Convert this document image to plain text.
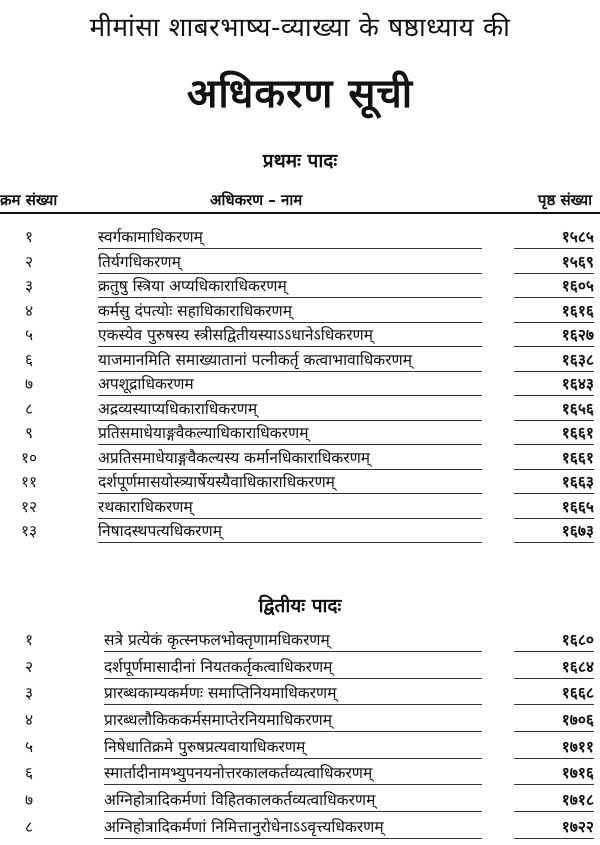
मीमांसा शाबरभाष्य-व्याख्या के षष्ठाध्याय की
अधिकरण सूची
प्रथमः पादः
क्रम संख्या	अधिकरण – नाम	पृष्ठ संख्या
१	स्वर्गकामाधिकरणम्	१५८५
२	तिर्यगधिकरणम्	१५६९
३	क्रतुषु स्त्रिया अप्यधिकाराधिकरणम्	१६०५
४	कर्मसु दंपत्योः सहाधिकाराधिकरणम्	१६१६
५	एकस्येव पुरुषस्य स्त्रीसद्वितीयस्याऽऽधानेऽधिकरणम्	१६२७
६	याजमानमिति समाख्यातानां पत्नीकर्तृ कत्वाभावाधिकरणम्	१६३८
७	अपशूद्राधिकरणम	१६४३
८	अद्रव्यस्याप्यधिकाराधिकरणम्	१६५६
९	प्रतिसमाधेयाङ्गवैकल्याधिकाराधिकरणम्	१६६१
१०	अप्रतिसमाधेयाङ्गवैकल्यस्य कर्मानधिकाराधिकरणम्	१६६१
११	दर्शपूर्णमासयोस्त्र्यार्षेयस्यैवाधिकाराधिकरणम्	१६६३
१२	रथकाराधिकरणम्	१६६५
१३	निषादस्थपत्यधिकरणम्	१६७३
द्वितीयः पादः
१	सत्रे प्रत्येकं कृत्स्नफलभोक्तृणामधिकरणम्	१६८०
२	दर्शपूर्णमासादीनां नियतकर्तृकत्वाधिकरणम्	१६८४
३	प्रारब्धकाम्यकर्मणः समाप्तिनियमाधिकरणम्	१६६८
४	प्रारब्धलौकिककर्मसमाप्तेरनियमाधिकरणम्	१७०६
५	निषेधातिक्रमे पुरुषप्रत्यवायाधिकरणम्	१७११
६	स्मार्तादीनामभ्युपनयनोत्तरकालकर्तव्यत्वाधिकरणम्	१७१६
७	अग्निहोत्रादिकर्मणां विहितकालकर्तव्यत्वाधिकरणम्	१७१८
८	अग्निहोत्रादिकर्मणां निमित्तानुरोधेनाऽऽवृत्त्यधिकरणम्	१७२२
